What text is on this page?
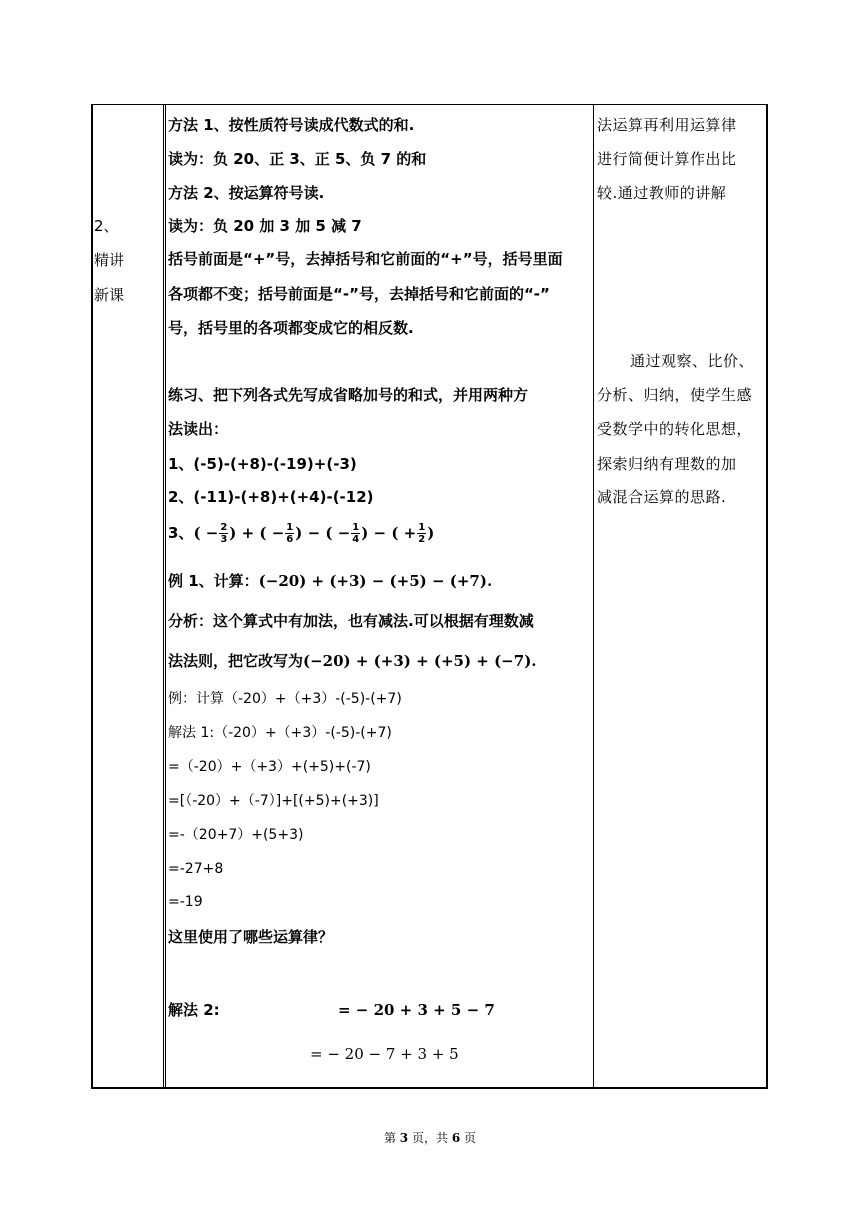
2、
精讲
新课
方法 1、按性质符号读成代数式的和.
读为：负 20、正 3、正 5、负 7 的和
方法 2、按运算符号读.
读为：负 20 加 3 加 5 减 7
括号前面是“+”号，去掉括号和它前面的“+”号，括号里面
各项都不变；括号前面是“-”号，去掉括号和它前面的“-”
号，括号里的各项都变成它的相反数.
练习、把下列各式先写成省略加号的和式，并用两种方
法读出：
1、(-5)-(+8)-(-19)+(-3)
2、(-11)-(+8)+(+4)-(-12)
3、( − $\frac{2}{3}$ ) + ( − $\frac{1}{6}$ ) − ( − $\frac{1}{4}$ ) − ( + $\frac{1}{2}$ )
例 1、计算：(−20) + (+3) − (+5) − (+7).
分析：这个算式中有加法，也有减法.可以根据有理数减
法法则，把它改写为(−20) + (+3) + (+5) + (−7).
例：计算（-20）+（+3）-(-5)-(+7)
解法 1:（-20）+（+3）-(-5)-(+7)
=（-20）+（+3）+(+5)+(-7)
=[（-20）+（-7）]+[(+5)+(+3)]
=-（20+7）+(5+3)
=-27+8
=-19
这里使用了哪些运算律？
解法 2:	= − 20 + 3 + 5 − 7
= − 20 − 7 + 3 + 5
法运算再利用运算律
进行简便计算作出比
较.通过教师的讲解
通过观察、比价、
分析、归纳，使学生感
受数学中的转化思想，
探索归纳有理数的加
减混合运算的思路.
第 3 页，共 6 页
